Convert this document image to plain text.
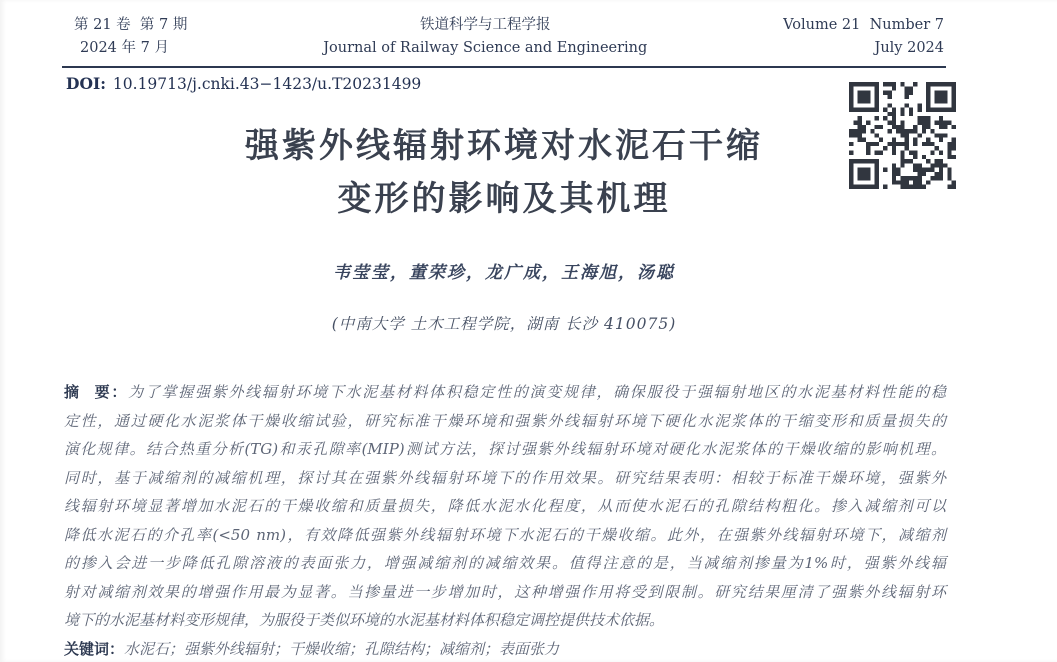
第 21 卷  第 7 期
2024 年 7 月
铁道科学与工程学报
Journal of Railway Science and Engineering
Volume 21  Number 7
July 2024
DOI: 10.19713/j.cnki.43−1423/u.T20231499
强紫外线辐射环境对水泥石干缩
变形的影响及其机理
韦莹莹，董荣珍，龙广成，王海旭，汤聪
(中南大学 土木工程学院，湖南 长沙 410075)
摘  要：为了掌握强紫外线辐射环境下水泥基材料体积稳定性的演变规律，确保服役于强辐射地区的水泥基材料性能的稳
定性，通过硬化水泥浆体干燥收缩试验，研究标准干燥环境和强紫外线辐射环境下硬化水泥浆体的干缩变形和质量损失的
演化规律。结合热重分析(TG)和汞孔隙率(MIP)测试方法，探讨强紫外线辐射环境对硬化水泥浆体的干燥收缩的影响机理。
同时，基于减缩剂的减缩机理，探讨其在强紫外线辐射环境下的作用效果。研究结果表明：相较于标准干燥环境，强紫外
线辐射环境显著增加水泥石的干燥收缩和质量损失，降低水泥水化程度，从而使水泥石的孔隙结构粗化。掺入减缩剂可以
降低水泥石的介孔率(<50 nm)，有效降低强紫外线辐射环境下水泥石的干燥收缩。此外，在强紫外线辐射环境下，减缩剂
的掺入会进一步降低孔隙溶液的表面张力，增强减缩剂的减缩效果。值得注意的是，当减缩剂掺量为1%时，强紫外线辐
射对减缩剂效果的增强作用最为显著。当掺量进一步增加时，这种增强作用将受到限制。研究结果厘清了强紫外线辐射环
境下的水泥基材料变形规律，为服役于类似环境的水泥基材料体积稳定调控提供技术依据。
关键词：水泥石；强紫外线辐射；干燥收缩；孔隙结构；减缩剂；表面张力
